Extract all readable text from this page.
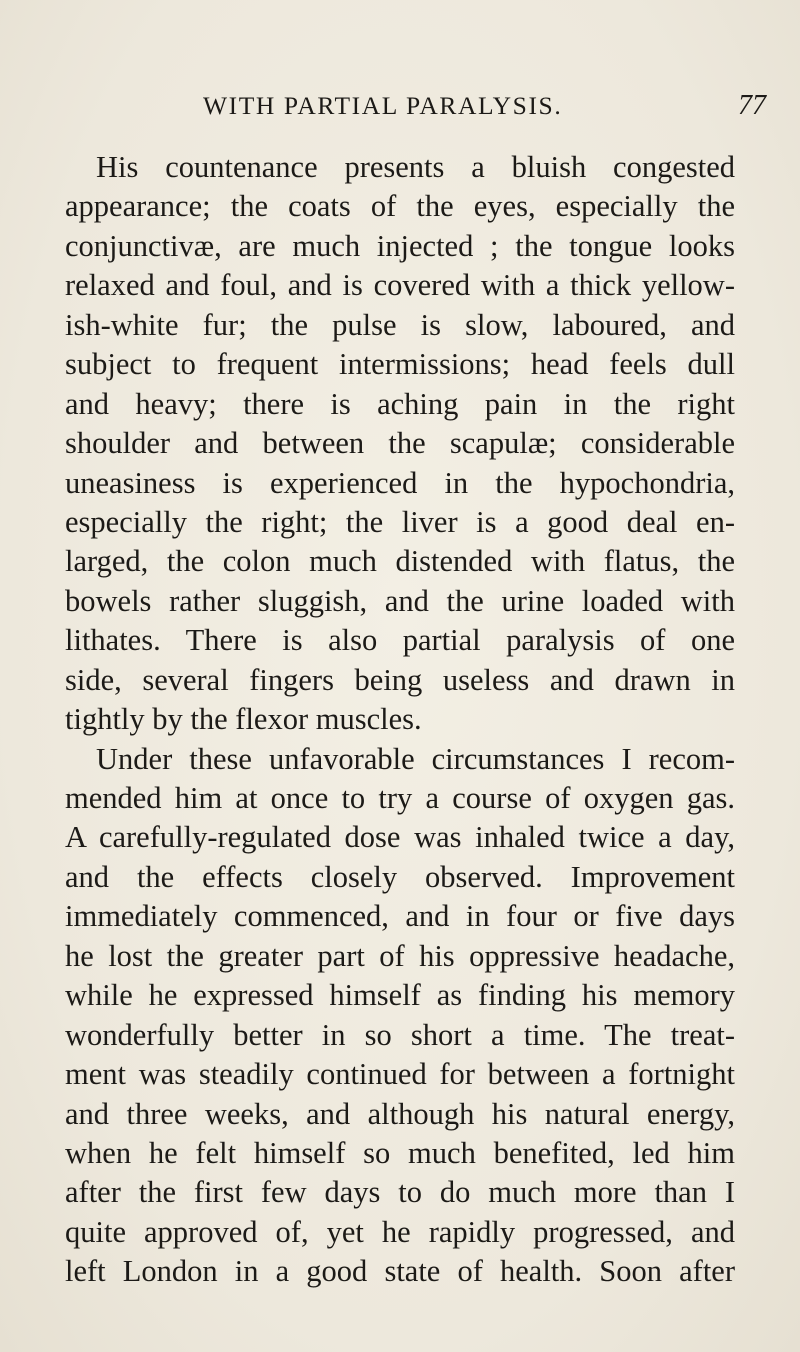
WITH PARTIAL PARALYSIS.	77
His countenance presents a bluish congested
appearance; the coats of the eyes, especially the
conjunctivæ, are much injected ; the tongue looks
relaxed and foul, and is covered with a thick yellow-
ish-white fur; the pulse is slow, laboured, and
subject to frequent intermissions; head feels dull
and heavy; there is aching pain in the right
shoulder and between the scapulæ; considerable
uneasiness is experienced in the hypochondria,
especially the right; the liver is a good deal en-
larged, the colon much distended with flatus, the
bowels rather sluggish, and the urine loaded with
lithates. There is also partial paralysis of one
side, several fingers being useless and drawn in
tightly by the flexor muscles.
Under these unfavorable circumstances I recom-
mended him at once to try a course of oxygen gas.
A carefully-regulated dose was inhaled twice a day,
and the effects closely observed. Improvement
immediately commenced, and in four or five days
he lost the greater part of his oppressive headache,
while he expressed himself as finding his memory
wonderfully better in so short a time. The treat-
ment was steadily continued for between a fortnight
and three weeks, and although his natural energy,
when he felt himself so much benefited, led him
after the first few days to do much more than I
quite approved of, yet he rapidly progressed, and
left London in a good state of health. Soon after
